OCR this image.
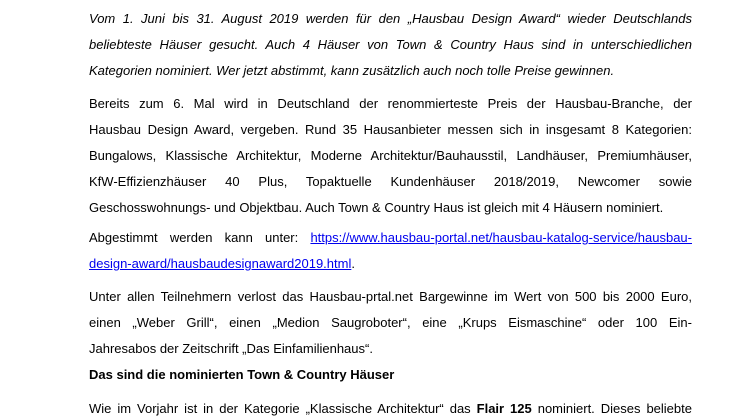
Vom 1. Juni bis 31. August 2019 werden für den „Hausbau Design Award“ wieder Deutschlands
beliebteste Häuser gesucht. Auch 4 Häuser von Town & Country Haus sind in unterschiedlichen
Kategorien nominiert. Wer jetzt abstimmt, kann zusätzlich auch noch tolle Preise gewinnen.

Bereits zum 6. Mal wird in Deutschland der renommierteste Preis der Hausbau-Branche, der
Hausbau Design Award, vergeben. Rund 35 Hausanbieter messen sich in insgesamt 8 Kategorien:
Bungalows, Klassische Architektur, Moderne Architektur/Bauhausstil, Landhäuser, Premiumhäuser,
KfW-Effizienzhäuser 40 Plus, Topaktuelle Kundenhäuser 2018/2019, Newcomer sowie
Geschosswohnungs- und Objektbau. Auch Town & Country Haus ist gleich mit 4 Häusern nominiert.

Abgestimmt werden kann unter: https://www.hausbau-portal.net/hausbau-katalog-service/hausbau-
design-award/hausbaudesignaward2019.html.

Unter allen Teilnehmern verlost das Hausbau-prtal.net Bargewinne im Wert von 500 bis 2000 Euro,
einen „Weber Grill“, einen „Medion Saugroboter“, eine „Krups Eismaschine“ oder 100 Ein-
Jahresabos der Zeitschrift „Das Einfamilienhaus“.

Das sind die nominierten Town & Country Häuser

Wie im Vorjahr ist in der Kategorie „Klassische Architektur“ das Flair 125 nominiert. Dieses beliebte
